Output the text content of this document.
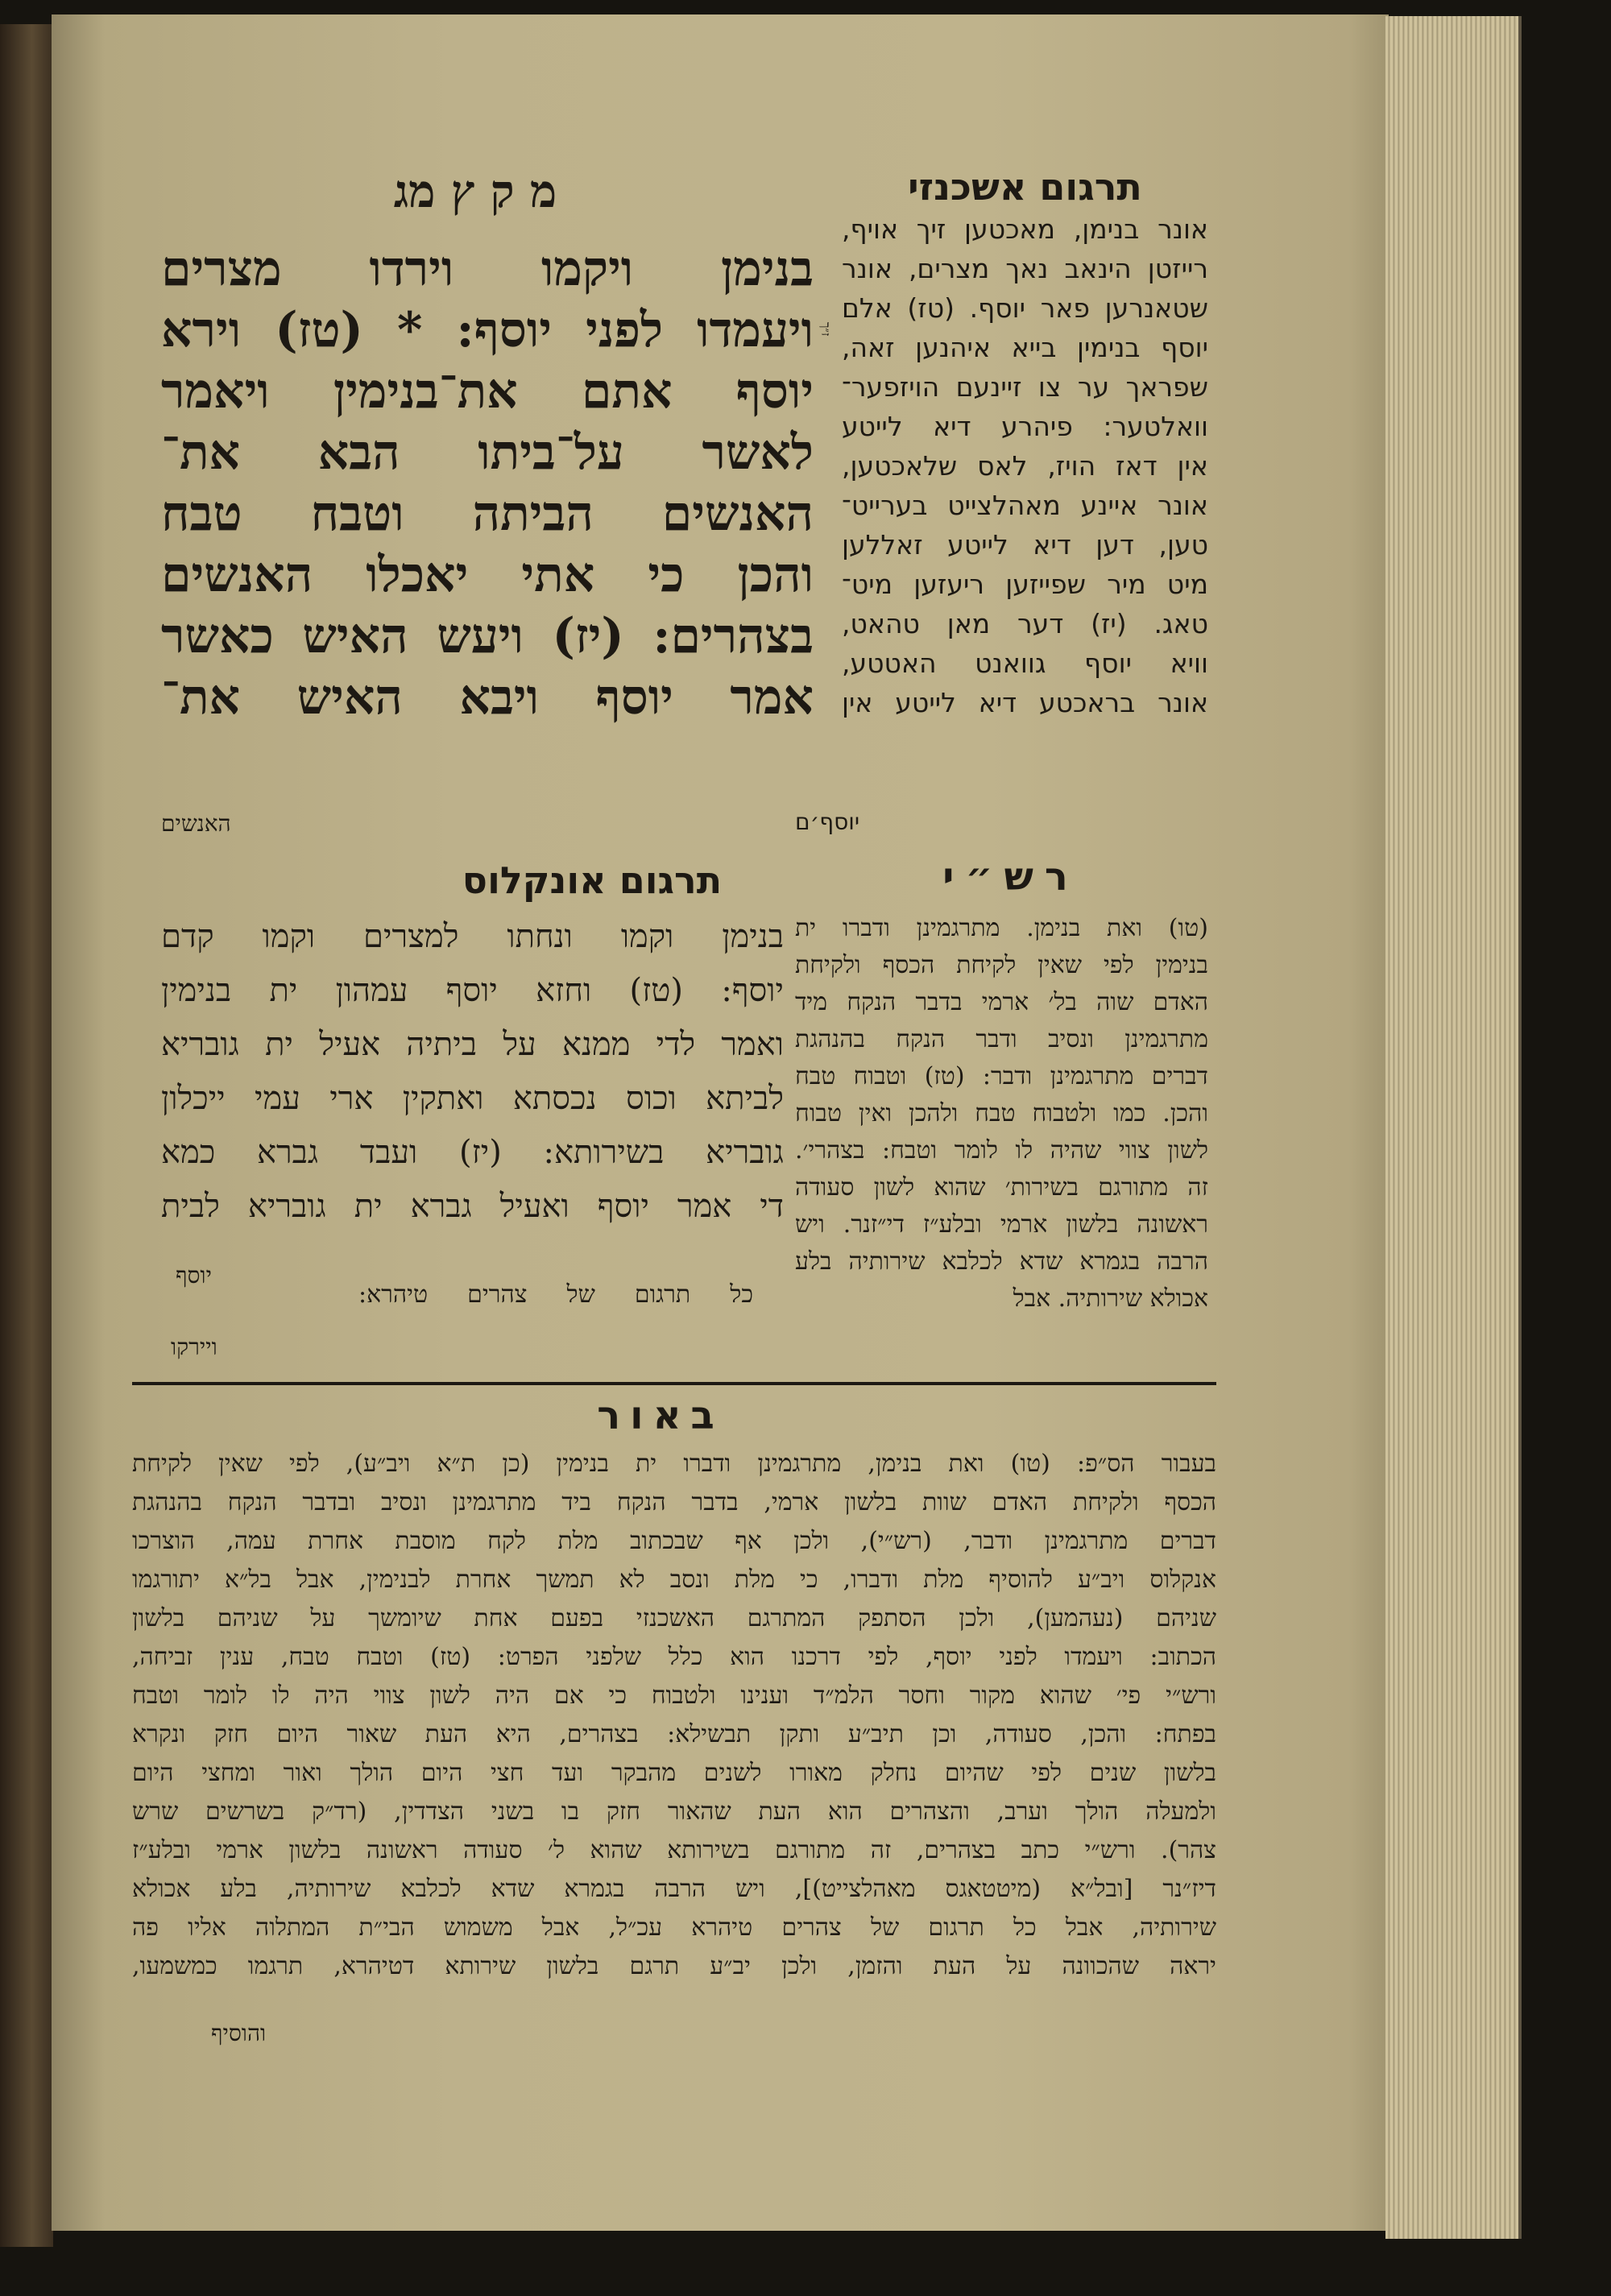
מ ק ץ מג
בנימן ויקמו וירדו מצרים
ויעמדו לפני יוסף: * (טז) וירא
יוסף אתם את־בנימין ויאמר
לאשר על־ביתו הבא את־
האנשים הביתה וטבח טבח
והכן כי אתי יאכלו האנשים
בצהרים: (יז) ויעש האיש כאשר
אמר יוסף ויבא האיש את־
ז״ך
האנשים
תרגום אשכנזי
אונר בנימן, מאכטען זיך אויף,
רייזטן הינאב נאך מצרים, אונר
שטאנרען פאר יוסף. (טז) אלם
יוסף בנימין בייא איהנען זאה,
שפראך ער צו זיינעם הויזפער־
וואלטער: פיהרע דיא לייטע
אין דאז הויז, לאס שלאכטען,
אונר איינע מאהלצייט בערייט־
טען, דען דיא לייטע זאללען
מיט מיר שפייזען ריעזען מיט־
טאג. (יז) דער מאן טהאט,
וויא יוסף גוואנט האטטע,
אונר בראכטע דיא לייטע אין
יוסף׳ם
תרגום אונקלוס
בנימן וקמו ונחתו למצרים וקמו קדם
יוסף: (טז) וחזא יוסף עמהון ית בנימין
ואמר לדי ממנא על ביתיה אעיל ית גובריא
לביתא וכוס נכסתא ואתקין ארי עמי ייכלון
גובריא בשירותא: (יז) ועבד גברא כמא
די אמר יוסף ואעיל גברא ית גובריא לבית
יוסף
רש״י
(טו) ואת בנימן. מתרגמינן ודברו ית
בנימין לפי שאין לקיחת הכסף ולקיחת
האדם שוה בל׳ ארמי בדבר הנקח מיד
מתרגמינן ונסיב ודבר הנקח בהנהגת
דברים מתרגמינן ודבר: (טז) וטבוח טבח
והכן. כמו ולטבוח טבח ולהכן ואין טבוח
לשון צווי שהיה לו לומר וטבח: בצהרי׳.
זה מתורגם בשירות׳ שהוא לשון סעודה
ראשונה בלשון ארמי ובלע״ז די״זנר. ויש
הרבה בגמרא שדא לכלבא שירותיה בלע
אכולא שירותיה. אבל
כל תרגום של צהרים טיהרא:
ויירקו
באור
בעבור הס״פ: (טו) ואת בנימן, מתרגמינן ודברו ית בנימין (כן ת״א ויב״ע), לפי שאין לקיחת
הכסף ולקיחת האדם שוות בלשון ארמי, בדבר הנקח ביד מתרגמינן ונסיב ובדבר הנקח בהנהגת
דברים מתרגמינן ודבר, (רש״י), ולכן אף שבכתוב מלת לקח מוסבת אחרת עמה, הוצרכו
אנקלוס ויב״ע להוסיף מלת ודברו, כי מלת ונסב לא תמשך אחרת לבנימין, אבל בל״א יתורגמו
שניהם (נעהמען), ולכן הסתפק המתרגם האשכנזי בפעם אחת שיומשך על שניהם בלשון
הכתוב: ויעמדו לפני יוסף, לפי דרכנו הוא כלל שלפני הפרט: (טז) וטבח טבח, ענין זביחה,
ורש״י פי׳ שהוא מקור וחסר הלמ״ד וענינו ולטבוח כי אם היה לשון צווי היה לו לומר וטבח
בפתח: והכן, סעודה, וכן תיב״ע ותקן תבשילא: בצהרים, היא העת שאור היום חזק ונקרא
בלשון שנים לפי שהיום נחלק מאורו לשנים מהבקר ועד חצי היום הולך ואור ומחצי היום
ולמעלה הולך וערב, והצהרים הוא העת שהאור חזק בו בשני הצדדין, (רד״ק בשרשים שרש
צהר). ורש״י כתב בצהרים, זה מתורגם בשירותא שהוא ל׳ סעודה ראשונה בלשון ארמי ובלע״ז
דיז״נר [ובל״א (מיטטאגס מאהלצייט)], ויש הרבה בגמרא שדא לכלבא שירותיה, בלע אכולא
שירותיה, אבל כל תרגום של צהרים טיהרא עכ״ל, אבל משמוש הבי״ת המתלוה אליו פה
יראה שהכוונה על העת והזמן, ולכן יב״ע תרגם בלשון שירותא דטיהרא, תרגמו כמשמעו,
והוסיף
